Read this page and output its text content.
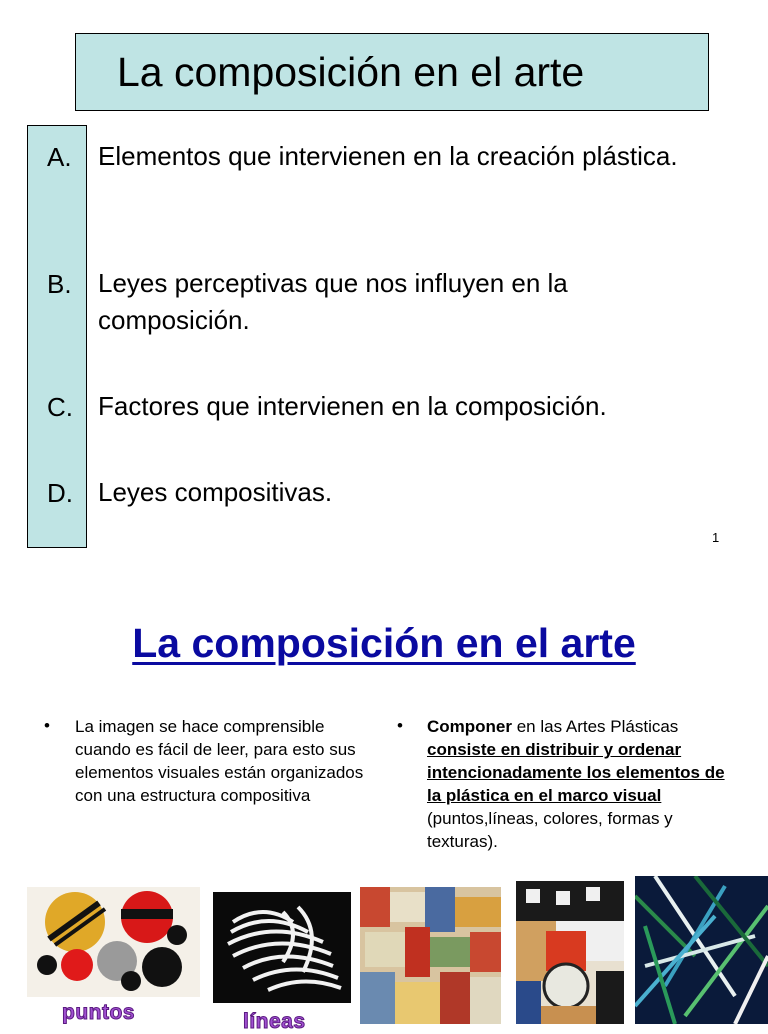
La composición en el arte
A. Elementos que intervienen en la creación plástica.
B. Leyes perceptivas que nos influyen en la composición.
C. Factores que intervienen en la composición.
D. Leyes compositivas.
1
La composición en el arte
• La imagen se hace comprensible cuando es fácil de leer, para esto sus elementos visuales están organizados con una estructura compositiva
• Componer en las Artes Plásticas consiste en distribuir y ordenar intencionadamente los elementos de la plástica en el marco visual (puntos,líneas, colores, formas y texturas).
puntos	líneas
